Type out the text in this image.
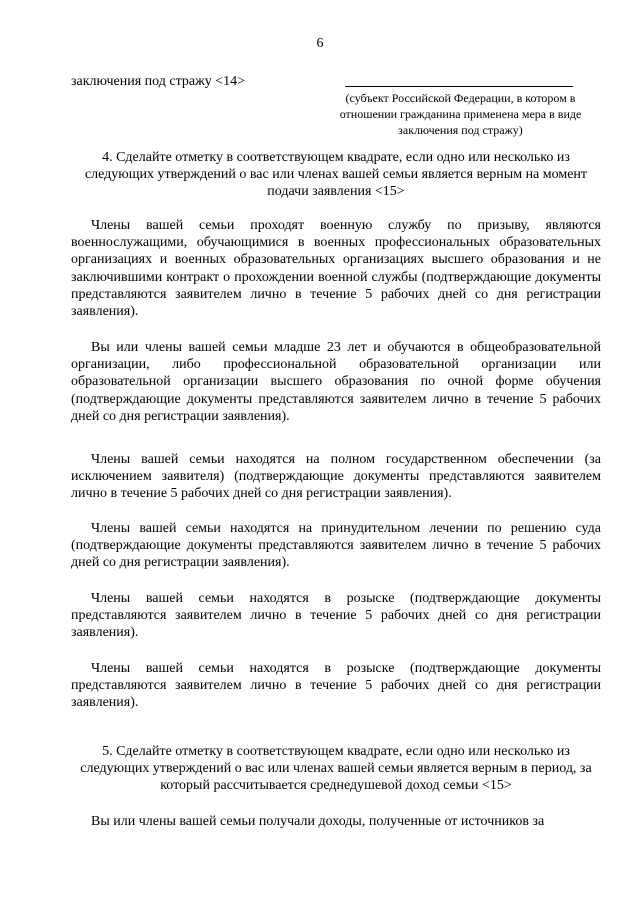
6
заключения под стражу <14>
(субъект Российской Федерации, в котором в отношении гражданина применена мера в виде заключения под стражу)
4. Сделайте отметку в соответствующем квадрате, если одно или несколько из следующих утверждений о вас или членах вашей семьи является верным на момент подачи заявления <15>
Члены вашей семьи проходят военную службу по призыву, являются военнослужащими, обучающимися в военных профессиональных образовательных организациях и военных образовательных организациях высшего образования и не заключившими контракт о прохождении военной службы (подтверждающие документы представляются заявителем лично в течение 5 рабочих дней со дня регистрации заявления).
Вы или члены вашей семьи младше 23 лет и обучаются в общеобразовательной организации, либо профессиональной образовательной организации или образовательной организации высшего образования по очной форме обучения (подтверждающие документы представляются заявителем лично в течение 5 рабочих дней со дня регистрации заявления).
Члены вашей семьи находятся на полном государственном обеспечении (за исключением заявителя) (подтверждающие документы представляются заявителем лично в течение 5 рабочих дней со дня регистрации заявления).
Члены вашей семьи находятся на принудительном лечении по решению суда (подтверждающие документы представляются заявителем лично в течение 5 рабочих дней со дня регистрации заявления).
Члены вашей семьи находятся в розыске (подтверждающие документы представляются заявителем лично в течение 5 рабочих дней со дня регистрации заявления).
Члены вашей семьи находятся в розыске (подтверждающие документы представляются заявителем лично в течение 5 рабочих дней со дня регистрации заявления).
5. Сделайте отметку в соответствующем квадрате, если одно или несколько из следующих утверждений о вас или членах вашей семьи является верным в период, за который рассчитывается среднедушевой доход семьи <15>
Вы или члены вашей семьи получали доходы, полученные от источников за
